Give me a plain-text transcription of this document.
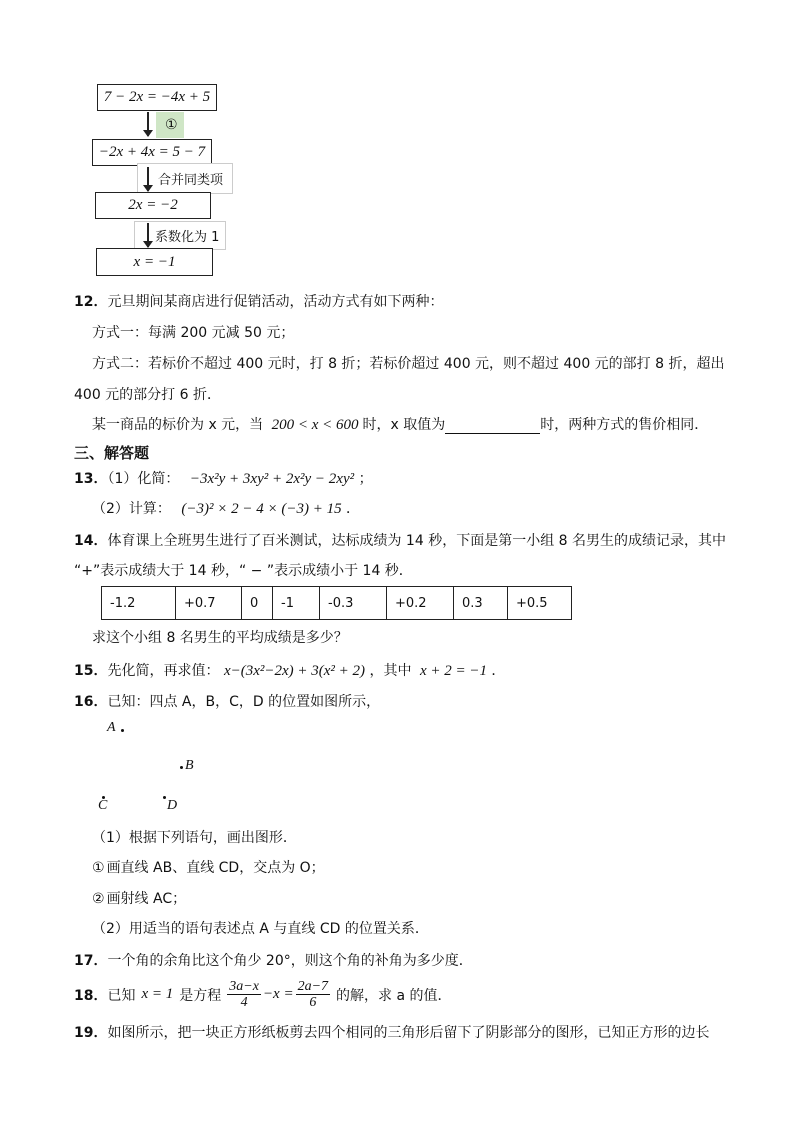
7 − 2x = −4x + 5
①
−2x + 4x = 5 − 7
合并同类项
2x = −2
系数化为 1
x = −1
12．元旦期间某商店进行促销活动，活动方式有如下两种：
方式一：每满 200 元减 50 元；
方式二：若标价不超过 400 元时，打 8 折；若标价超过 400 元，则不超过 400 元的部打 8 折，超出
400 元的部分打 6 折．
某一商品的标价为 x 元，当 200 < x < 600 时，x 取值为	时，两种方式的售价相同．
三、解答题
13．（1）化简： −3x²y + 3xy² + 2x²y − 2xy² ；
（2）计算： (−3)² × 2 − 4 × (−3) + 15 ．
14．体育课上全班男生进行了百米测试，达标成绩为 14 秒，下面是第一小组 8 名男生的成绩记录，其中
“+”表示成绩大于 14 秒，“ − ”表示成绩小于 14 秒．
-1.2	+0.7	0	-1	-0.3	+0.2	0.3	+0.5
求这个小组 8 名男生的平均成绩是多少？
15．先化简，再求值： x−(3x²−2x) + 3(x² + 2) ，其中 x + 2 = −1 ．
16．已知：四点 A，B，C，D 的位置如图所示，
A
B
C	D
（1）根据下列语句，画出图形．
① 画直线 AB、直线 CD，交点为 O；
② 画射线 AC；
（2）用适当的语句表述点 A 与直线 CD 的位置关系．
17．一个角的余角比这个角少 20°，则这个角的补角为多少度．
18． 已知 x = 1 是方程 $\frac{3a-x}{4} -x = \frac{2a-7}{6}$ 的解，求 a 的值．
19．如图所示，把一块正方形纸板剪去四个相同的三角形后留下了阴影部分的图形，已知正方形的边长
